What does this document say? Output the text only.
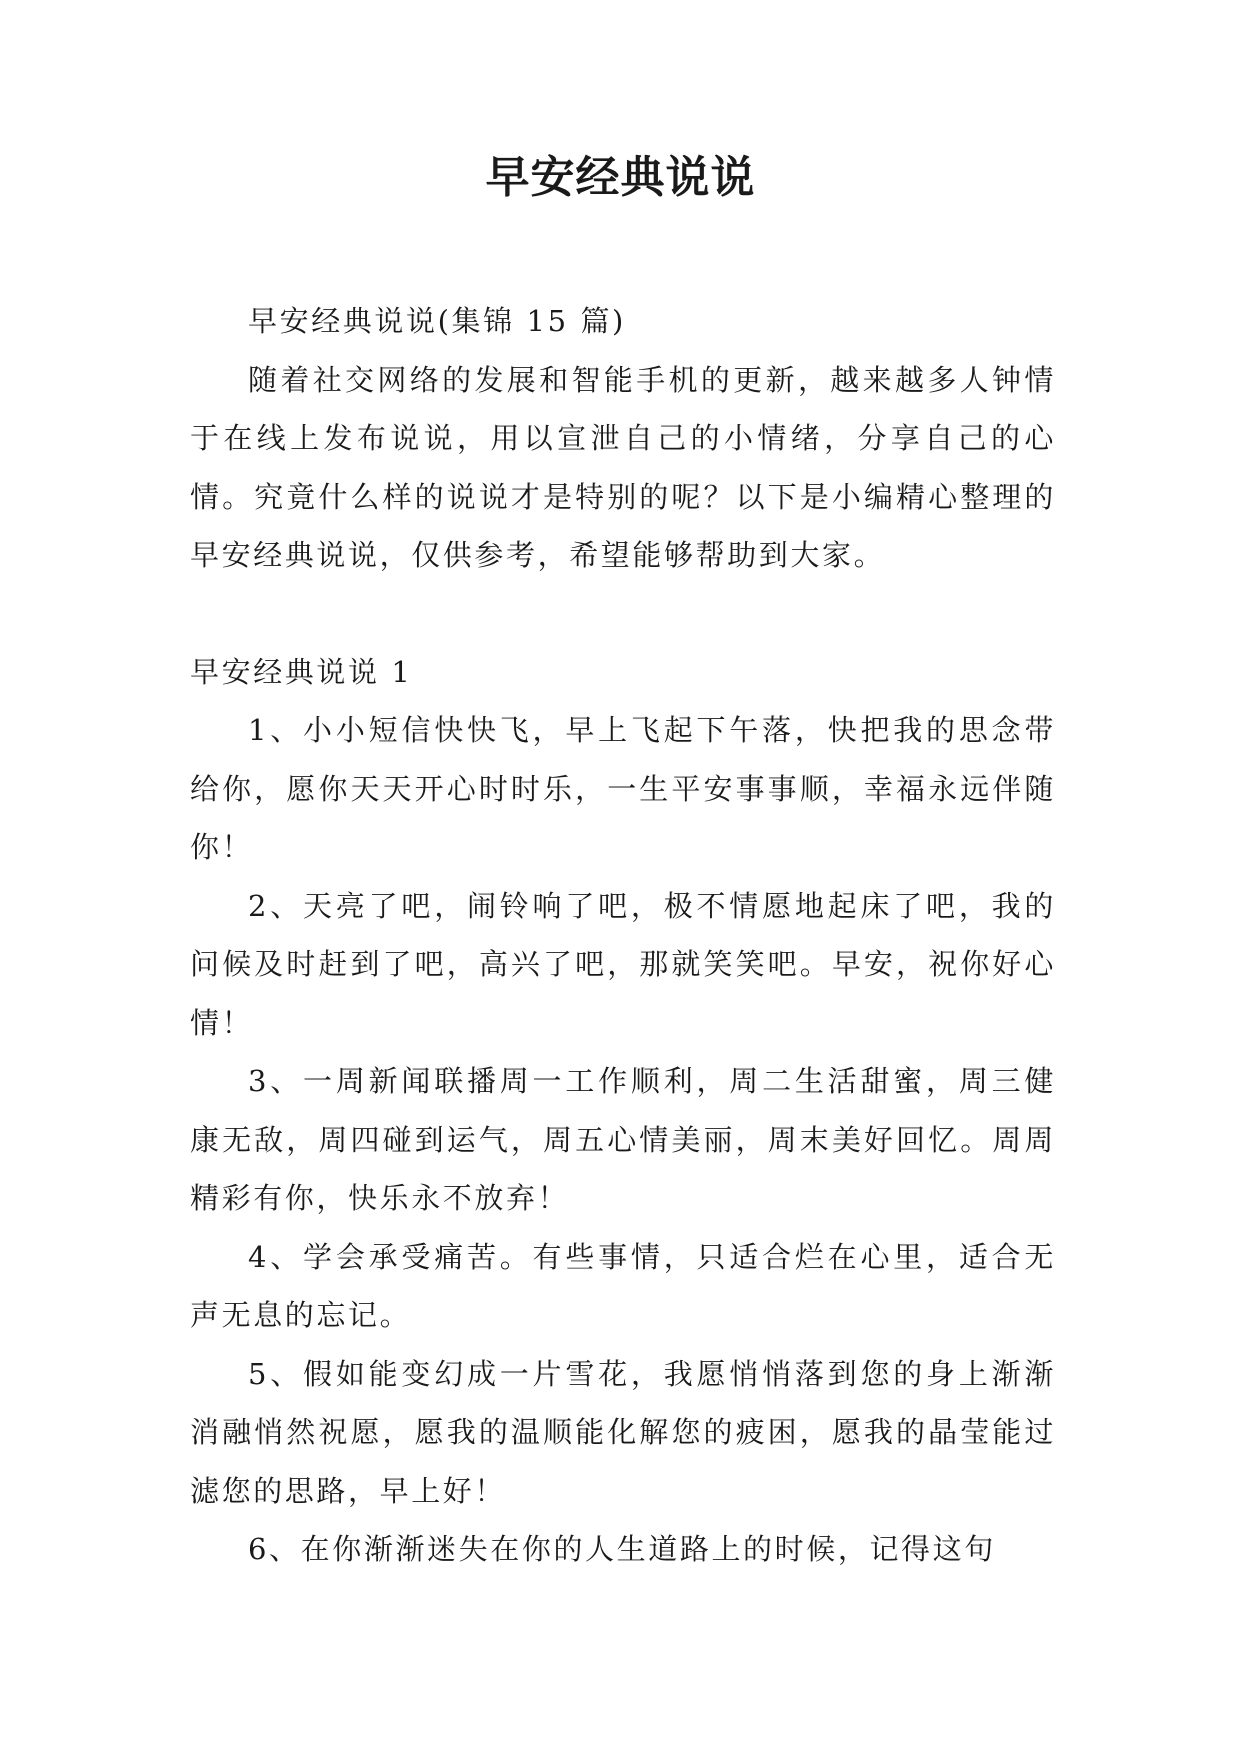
早安经典说说

早安经典说说(集锦 15 篇)

随着社交网络的发展和智能手机的更新，越来越多人钟情于在线上发布说说，用以宣泄自己的小情绪，分享自己的心情。究竟什么样的说说才是特别的呢？以下是小编精心整理的早安经典说说，仅供参考，希望能够帮助到大家。

早安经典说说 1

1、小小短信快快飞，早上飞起下午落，快把我的思念带给你，愿你天天开心时时乐，一生平安事事顺，幸福永远伴随你！

2、天亮了吧，闹铃响了吧，极不情愿地起床了吧，我的问候及时赶到了吧，高兴了吧，那就笑笑吧。早安，祝你好心情！

3、一周新闻联播周一工作顺利，周二生活甜蜜，周三健康无敌，周四碰到运气，周五心情美丽，周末美好回忆。周周精彩有你，快乐永不放弃！

4、学会承受痛苦。有些事情，只适合烂在心里，适合无声无息的忘记。

5、假如能变幻成一片雪花，我愿悄悄落到您的身上渐渐消融悄然祝愿，愿我的温顺能化解您的疲困，愿我的晶莹能过滤您的思路，早上好！

6、在你渐渐迷失在你的人生道路上的时候，记得这句
